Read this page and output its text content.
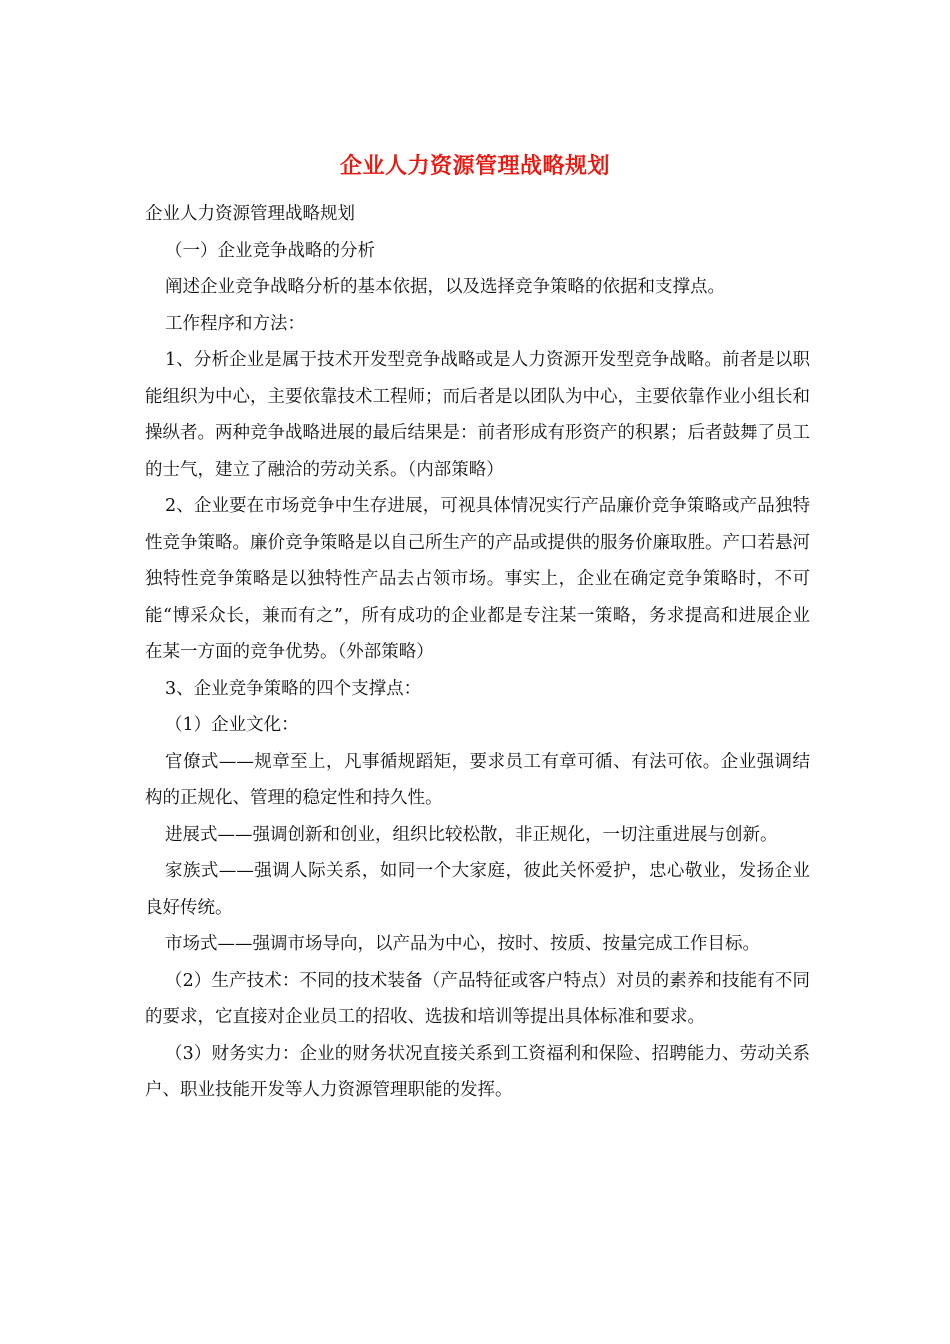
企业人力资源管理战略规划

企业人力资源管理战略规划

（一）企业竞争战略的分析

阐述企业竞争战略分析的基本依据，以及选择竞争策略的依据和支撑点。

工作程序和方法：

1、分析企业是属于技术开发型竞争战略或是人力资源开发型竞争战略。前者是以职能组织为中心，主要依靠技术工程师；而后者是以团队为中心，主要依靠作业小组长和操纵者。两种竞争战略进展的最后结果是：前者形成有形资产的积累；后者鼓舞了员工的士气，建立了融洽的劳动关系。（内部策略）

2、企业要在市场竞争中生存进展，可视具体情况实行产品廉价竞争策略或产品独特性竞争策略。廉价竞争策略是以自己所生产的产品或提供的服务价廉取胜。产口若悬河独特性竞争策略是以独特性产品去占领市场。事实上，企业在确定竞争策略时，不可能“博采众长，兼而有之”，所有成功的企业都是专注某一策略，务求提高和进展企业在某一方面的竞争优势。（外部策略）

3、企业竞争策略的四个支撑点：

（1）企业文化：

官僚式——规章至上，凡事循规蹈矩，要求员工有章可循、有法可依。企业强调结构的正规化、管理的稳定性和持久性。

进展式——强调创新和创业，组织比较松散，非正规化，一切注重进展与创新。

家族式——强调人际关系，如同一个大家庭，彼此关怀爱护，忠心敬业，发扬企业良好传统。

市场式——强调市场导向，以产品为中心，按时、按质、按量完成工作目标。

（2）生产技术：不同的技术装备（产品特征或客户特点）对员的素养和技能有不同的要求，它直接对企业员工的招收、选拔和培训等提出具体标准和要求。

（3）财务实力：企业的财务状况直接关系到工资福利和保险、招聘能力、劳动关系户、职业技能开发等人力资源管理职能的发挥。
